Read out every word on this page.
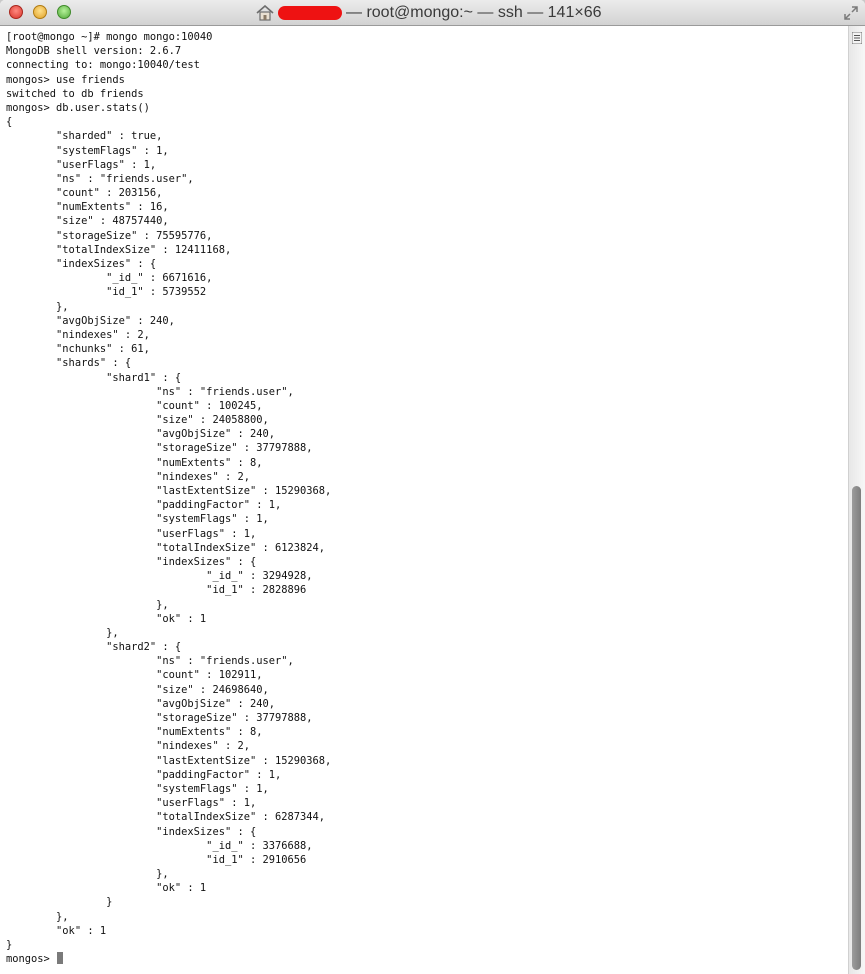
— root@mongo:~ — ssh — 141×66
[root@mongo ~]# mongo mongo:10040
MongoDB shell version: 2.6.7
connecting to: mongo:10040/test
mongos> use friends
switched to db friends
mongos> db.user.stats()
{
"sharded" : true,
"systemFlags" : 1,
"userFlags" : 1,
"ns" : "friends.user",
"count" : 203156,
"numExtents" : 16,
"size" : 48757440,
"storageSize" : 75595776,
"totalIndexSize" : 12411168,
"indexSizes" : {
"_id_" : 6671616,
"id_1" : 5739552
},
"avgObjSize" : 240,
"nindexes" : 2,
"nchunks" : 61,
"shards" : {
"shard1" : {
"ns" : "friends.user",
"count" : 100245,
"size" : 24058800,
"avgObjSize" : 240,
"storageSize" : 37797888,
"numExtents" : 8,
"nindexes" : 2,
"lastExtentSize" : 15290368,
"paddingFactor" : 1,
"systemFlags" : 1,
"userFlags" : 1,
"totalIndexSize" : 6123824,
"indexSizes" : {
"_id_" : 3294928,
"id_1" : 2828896
},
"ok" : 1
},
"shard2" : {
"ns" : "friends.user",
"count" : 102911,
"size" : 24698640,
"avgObjSize" : 240,
"storageSize" : 37797888,
"numExtents" : 8,
"nindexes" : 2,
"lastExtentSize" : 15290368,
"paddingFactor" : 1,
"systemFlags" : 1,
"userFlags" : 1,
"totalIndexSize" : 6287344,
"indexSizes" : {
"_id_" : 3376688,
"id_1" : 2910656
},
"ok" : 1
}
},
"ok" : 1
}
mongos>
